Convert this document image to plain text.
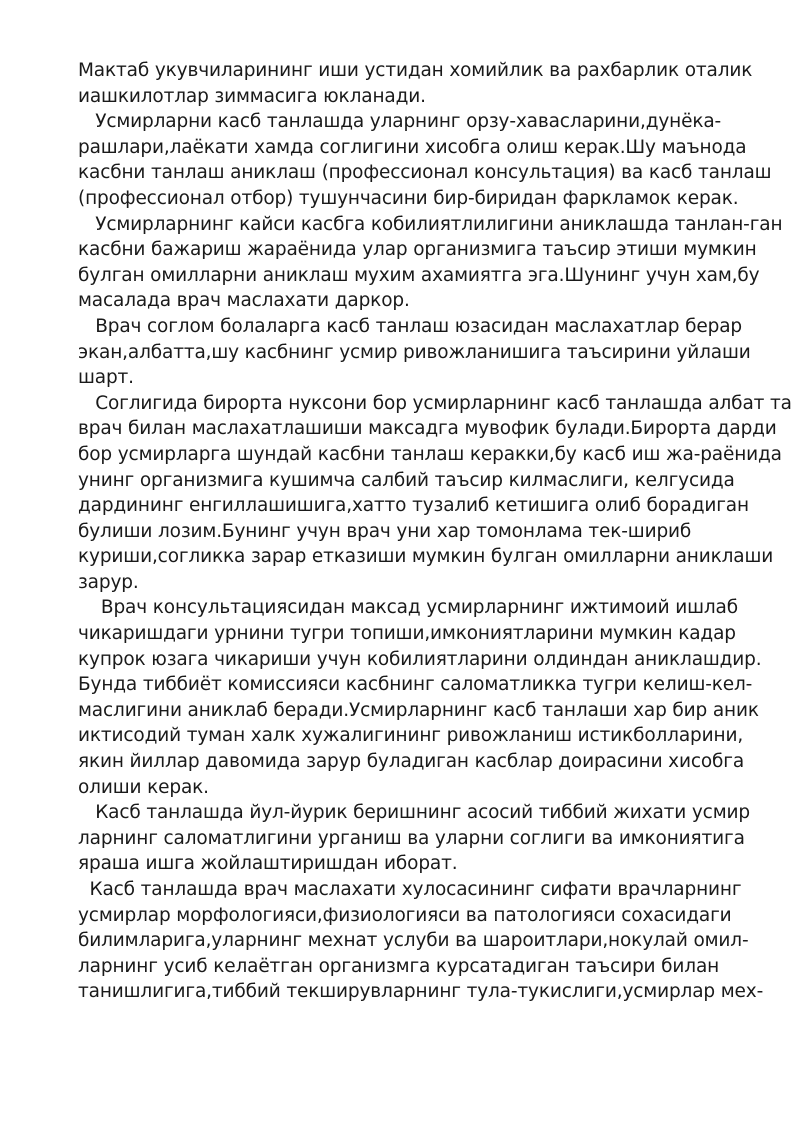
Мактаб укувчиларининг иши устидан хомийлик ва рахбарлик оталик
иашкилотлар зиммасига юкланади.
Усмирларни касб танлашда уларнинг орзу-хавасларини,дунёка-
рашлари,лаёкати хамда соглигини хисобга олиш керак.Шу маънода
касбни танлаш аниклаш (профессионал консультация) ва касб танлаш
(профессионал отбор) тушунчасини бир-биридан фаркламок керак.
Усмирларнинг кайси касбга кобилиятлилигини аниклашда танлан-ган
касбни бажариш жараёнида улар организмига таъсир этиши мумкин
булган омилларни аниклаш мухим ахамиятга эга.Шунинг учун хам,бу
масалада врач маслахати даркор.
Врач соглом болаларга касб танлаш юзасидан маслахатлар берар
экан,албатта,шу касбнинг усмир ривожланишига таъсирини уйлаши
шарт.
Соглигида бирорта нуксони бор усмирларнинг касб танлашда албат та
врач билан маслахатлашиши максадга мувофик булади.Бирорта дарди
бор усмирларга шундай касбни танлаш керакки,бу касб иш жа-раёнида
унинг организмига кушимча салбий таъсир килмаслиги, келгусида
дардининг енгиллашишига,хатто тузалиб кетишига олиб борадиган
булиши лозим.Бунинг учун врач уни хар томонлама тек-шириб
куриши,согликка зарар етказиши мумкин булган омилларни аниклаши
зарур.
Врач консультациясидан максад усмирларнинг ижтимоий ишлаб
чикаришдаги урнини тугри топиши,имкониятларини мумкин кадар
купрок юзага чикариши учун кобилиятларини олдиндан аниклашдир.
Бунда тиббиёт комиссияси касбнинг саломатликка тугри келиш-кел-
маслигини аниклаб беради.Усмирларнинг касб танлаши хар бир аник
иктисодий туман халк хужалигининг ривожланиш истикболларини,
якин йиллар давомида зарур буладиган касблар доирасини хисобга
олиши керак.
Касб танлашда йул-йурик беришнинг асосий тиббий жихати усмир
ларнинг саломатлигини урганиш ва уларни соглиги ва имкониятига
яраша ишга жойлаштиришдан иборат.
Касб танлашда врач маслахати хулосасининг сифати врачларнинг
усмирлар морфологияси,физиологияси ва патологияси сохасидаги
билимларига,уларнинг мехнат услуби ва шароитлари,нокулай омил-
ларнинг усиб келаётган организмга курсатадиган таъсири билан
танишлигига,тиббий текширувларнинг тула-тукислиги,усмирлар мех-
